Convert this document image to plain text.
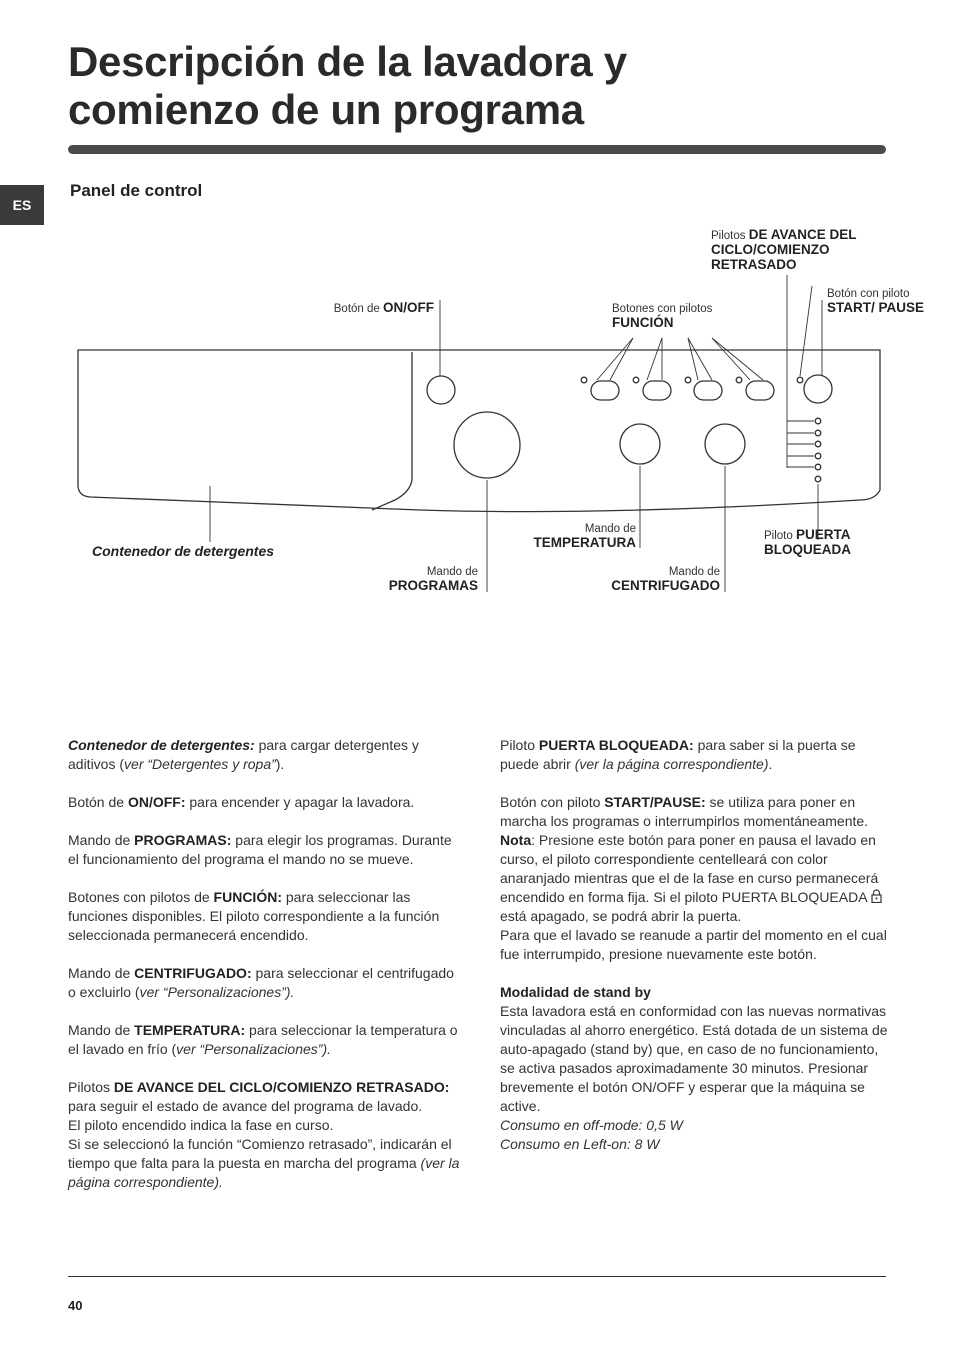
Descripción de la lavadora y
comienzo de un programa
ES
Panel de control
Pilotos DE AVANCE DEL CICLO/COMIENZO RETRASADO
Botón de ON/OFF	Botones con pilotos
FUNCIÓN
Botón con piloto START/ PAUSE
Contenedor de detergentes
Mando de
PROGRAMAS
Mando de
TEMPERATURA
Mando de
CENTRIFUGADO
Piloto PUERTA BLOQUEADA

Contenedor de detergentes: para cargar detergentes y aditivos (ver “Detergentes y ropa”).

Botón de ON/OFF: para encender y apagar la lavadora.

Mando de PROGRAMAS: para elegir los programas. Durante el funcionamiento del programa el mando no se mueve.

Botones con pilotos de FUNCIÓN: para seleccionar las funciones disponibles. El piloto correspondiente a la función seleccionada permanecerá encendido.

Mando de CENTRIFUGADO: para seleccionar el centrifugado o excluirlo (ver “Personalizaciones”).

Mando de TEMPERATURA: para seleccionar la temperatura o el lavado en frío (ver “Personalizaciones”).

Pilotos DE AVANCE DEL CICLO/COMIENZO RETRASADO: para seguir el estado de avance del programa de lavado.
El piloto encendido indica la fase en curso.
Si se seleccionó la función “Comienzo retrasado”, indicarán el tiempo que falta para la puesta en marcha del programa (ver la página correspondiente).

Piloto PUERTA BLOQUEADA: para saber si la puerta se puede abrir (ver la página correspondiente).

Botón con piloto START/PAUSE: se utiliza para poner en marcha los programas o interrumpirlos momentáneamente.
Nota: Presione este botón para poner en pausa el lavado en curso, el piloto correspondiente centelleará con color anaranjado mientras que el de la fase en curso permanecerá encendido en forma fija. Si el piloto PUERTA BLOQUEADA  está apagado, se podrá abrir la puerta.
Para que el lavado se reanude a partir del momento en el cual fue interrumpido, presione nuevamente este botón.

Modalidad de stand by
Esta lavadora está en conformidad con las nuevas normativas vinculadas al ahorro energético. Está dotada de un sistema de auto-apagado (stand by) que, en caso de no funcionamiento, se activa pasados aproximadamente 30 minutos. Presionar brevemente el botón ON/OFF y esperar que la máquina se active.
Consumo en off-mode: 0,5 W
Consumo en Left-on: 8 W

40
